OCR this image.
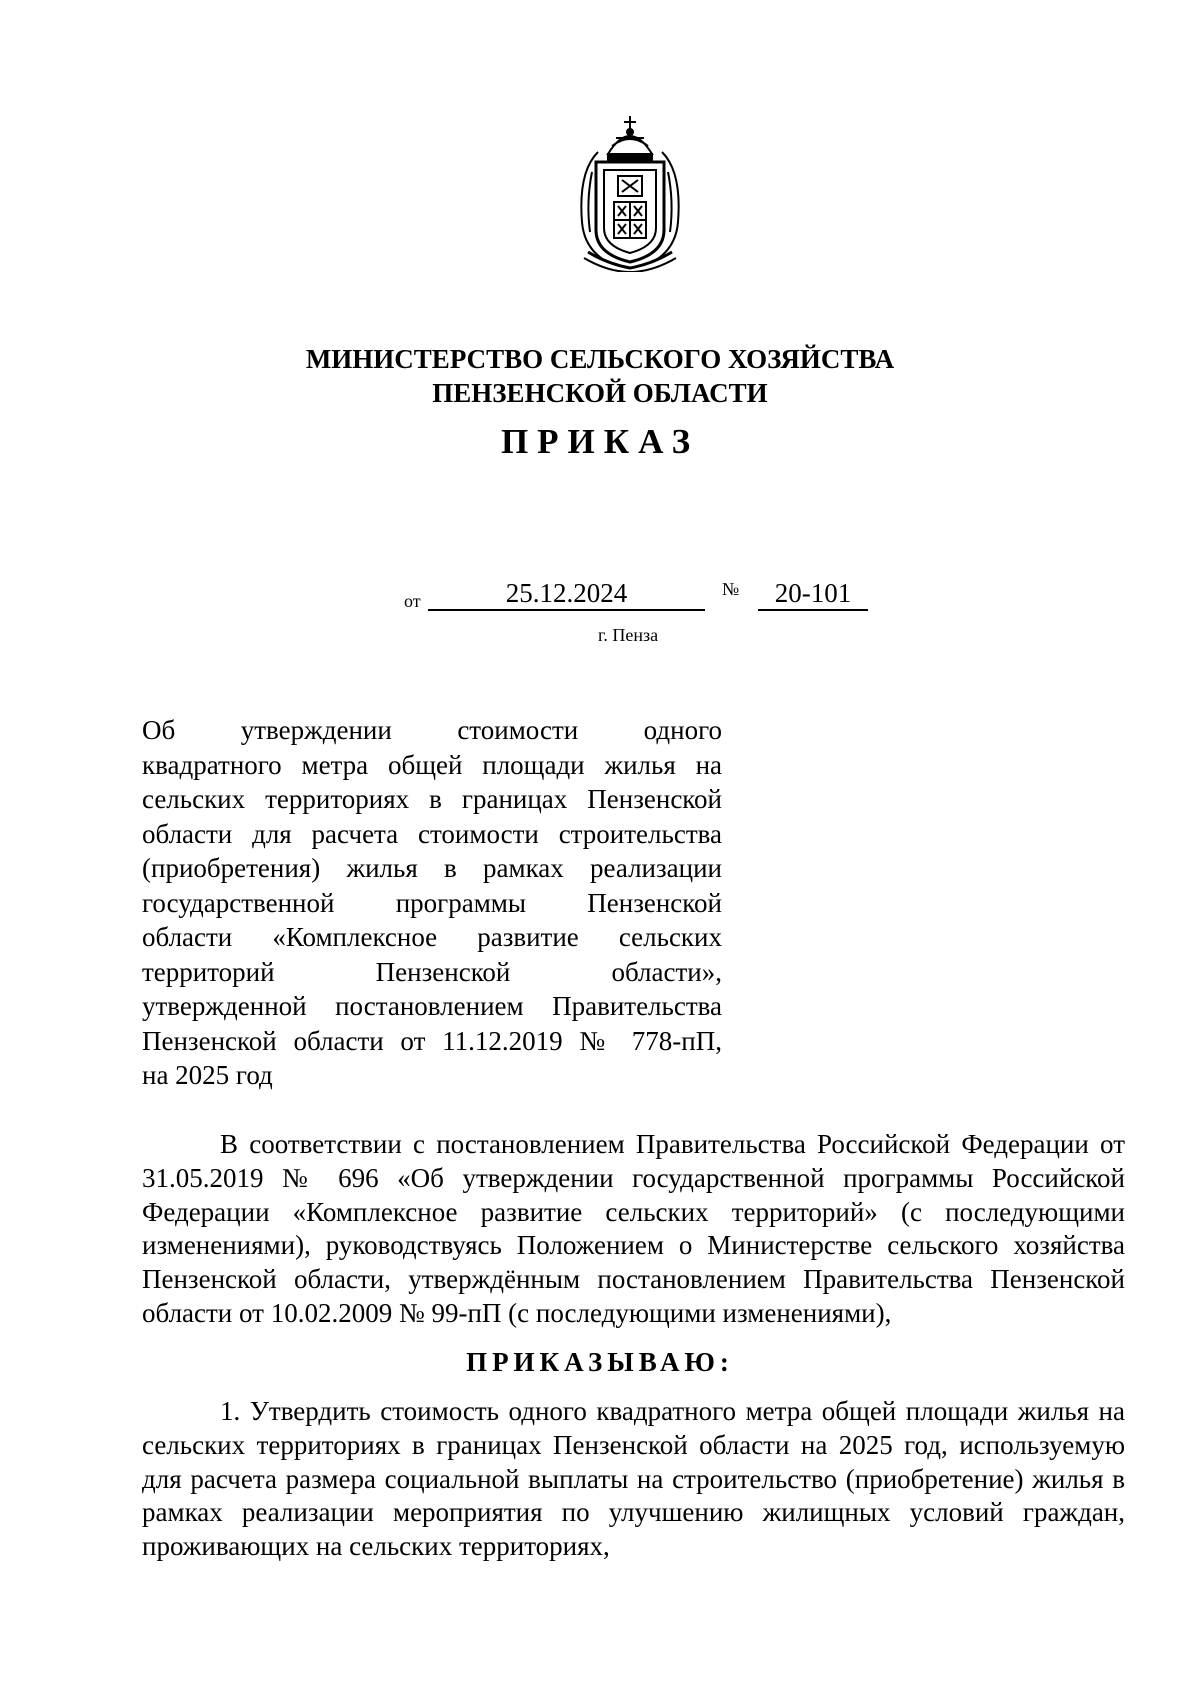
МИНИСТЕРСТВО СЕЛЬСКОГО ХОЗЯЙСТВА
ПЕНЗЕНСКОЙ ОБЛАСТИ
ПРИКАЗ
от	25.12.2024	№	20-101
г. Пенза
Об утверждении стоимости одного
квадратного метра общей площади жилья на
сельских территориях в границах Пензенской
области для расчета стоимости строительства
(приобретения) жилья в рамках реализации
государственной программы Пензенской
области «Комплексное развитие сельских
территорий Пензенской области»,
утвержденной постановлением Правительства
Пензенской области от 11.12.2019 № 778-пП,
на 2025 год

В соответствии с постановлением Правительства Российской Федерации от 31.05.2019 № 696 «Об утверждении государственной программы Российской Федерации «Комплексное развитие сельских территорий» (с последующими изменениями), руководствуясь Положением о Министерстве сельского хозяйства Пензенской области, утверждённым постановлением Правительства Пензенской области от 10.02.2009 № 99-пП (с последующими изменениями),

ПРИКАЗЫВАЮ:

1. Утвердить стоимость одного квадратного метра общей площади жилья на сельских территориях в границах Пензенской области на 2025 год, используемую для расчета размера социальной выплаты на строительство (приобретение) жилья в рамках реализации мероприятия по улучшению жилищных условий граждан, проживающих на сельских территориях,
